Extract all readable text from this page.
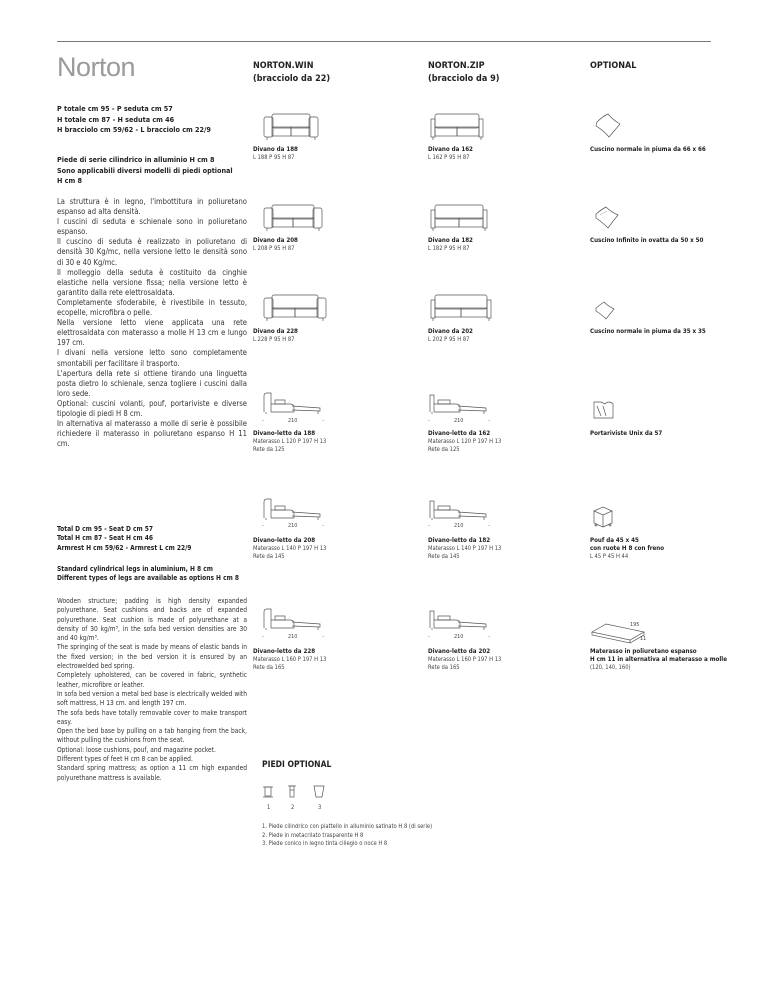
Norton	NORTON.WIN
(bracciolo da 22)
NORTON.ZIP
(bracciolo da 9)
OPTIONAL
P totale cm 95 - P seduta cm 57
H totale cm 87 - H seduta cm 46
H bracciolo cm 59/62 - L bracciolo cm 22/9
Piede di serie cilindrico in alluminio H cm 8
Sono applicabili diversi modelli di piedi optional
H cm 8
La struttura è in legno, l'imbottitura in poliuretano espanso ad alta densità.
I cuscini di seduta e schienale sono in poliuretano espanso.
Il cuscino di seduta è realizzato in poliuretano di densità 30 Kg/mc, nella versione letto le densità sono di 30 e 40 Kg/mc.
Il molleggio della seduta è costituito da cinghie elastiche nella versione fissa; nella versione letto è garantito dalla rete elettrosaldata.
Completamente sfoderabile, è rivestibile in tessuto, ecopelle, microfibra o pelle.
Nella versione letto viene applicata una rete elettrosaldata con materasso a molle H 13 cm e lungo 197 cm.
I divani nella versione letto sono completamente smontabili per facilitare il trasporto.
L'apertura della rete si ottiene tirando una linguetta posta dietro lo schienale, senza togliere i cuscini dalla loro sede.
Optional: cuscini volanti, pouf, portariviste e diverse tipologie di piedi H 8 cm.
In alternativa al materasso a molle di serie è possibile richiedere il materasso in poliuretano espanso H 11 cm.
Total D cm 95 - Seat D cm 57
Total H cm 87 - Seat H cm 46
Armrest H cm 59/62 - Armrest L cm 22/9
Standard cylindrical legs in aluminium, H 8 cm
Different types of legs are available as options H cm 8
Wooden structure; padding is high density expanded polyurethane. Seat cushions and backs are of expanded polyurethane. Seat cushion is made of polyurethane at a density of 30 kg/m³, in the sofa bed version densities are 30 and 40 kg/m³.
The springing of the seat is made by means of elastic bands in the fixed version; in the bed version it is ensured by an electrowelded bed spring.
Completely upholstered, can be covered in fabric, synthetic leather, microfibre or leather.
In sofa bed version a metal bed base is electrically welded with soft mattress, H 13 cm. and length 197 cm.
The sofa beds have totally removable cover to make transport easy.
Open the bed base by pulling on a tab hanging from the back, without pulling the cushions from the seat.
Optional: loose cushions, pouf, and magazine pocket.
Different types of feet H cm 8 can be applied.
Standard spring mattress; as option a 11 cm high expanded polyurethane mattress is available.
Divano da 188
L 188 P 95 H 87
Divano da 208
L 208 P 95 H 87
Divano da 228
L 228 P 95 H 87
Divano da 162
L 162 P 95 H 87
Divano da 182
L 182 P 95 H 87
Divano da 202
L 202 P 95 H 87
-	210	-
Divano-letto da 188
Materasso L 120 P 197 H 13
Rete da 125
-	210	-
Divano-letto da 208
Materasso L 140 P 197 H 13
Rete da 145
-	210	-
Divano-letto da 228
Materasso L 160 P 197 H 13
Rete da 165
-	210	-
Divano-letto da 162
Materasso L 120 P 197 H 13
Rete da 125
-	210	-
Divano-letto da 182
Materasso L 140 P 197 H 13
Rete da 145
-	210	-
Divano-letto da 202
Materasso L 160 P 197 H 13
Rete da 165
Cuscino normale in piuma da 66 x 66
Cuscino Infinito in ovatta da 50 x 50
Cuscino normale in piuma da 35 x 35
Portariviste Unix da 57
Pouf da 45 x 45
con ruote H 8 con freno
L 45 P 45 H 44
195
11
Materasso in poliuretano espanso
H cm 11 in alternativa al materasso a molle
(120, 140, 160)
PIEDI OPTIONAL
1	2	3
1. Piede cilindrico con piattello in alluminio satinato H 8 (di serie)
2. Piede in metacrilato trasparente H 8
3. Piede conico in legno tinta ciliegio o noce H 8
